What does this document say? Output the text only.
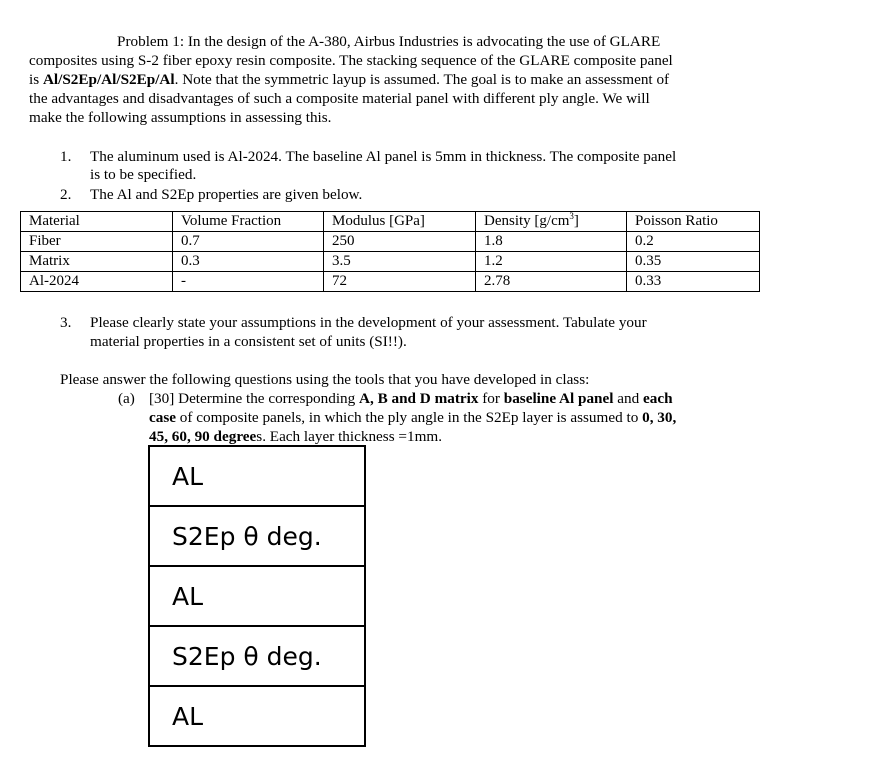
Problem 1: In the design of the A-380, Airbus Industries is advocating the use of GLARE
composites using S-2 fiber epoxy resin composite. The stacking sequence of the GLARE composite panel
is Al/S2Ep/Al/S2Ep/Al. Note that the symmetric layup is assumed. The goal is to make an assessment of
the advantages and disadvantages of such a composite material panel with different ply angle. We will
make the following assumptions in assessing this.
1. The aluminum used is Al-2024. The baseline Al panel is 5mm in thickness. The composite panel
is to be specified.
2. The Al and S2Ep properties are given below.
Material	Volume Fraction	Modulus [GPa]	Density $[g/cm^3]$	Poisson Ratio
Fiber	0.7	250	1.8	0.2
Matrix	0.3	3.5	1.2	0.35
Al-2024	-	72	2.78	0.33
3. Please clearly state your assumptions in the development of your assessment. Tabulate your
material properties in a consistent set of units (SI!!).
Please answer the following questions using the tools that you have developed in class:
(a) [30] Determine the corresponding A, B and D matrix for baseline Al panel and each
case of composite panels, in which the ply angle in the S2Ep layer is assumed to 0, 30,
45, 60, 90 degrees. Each layer thickness =1mm.
AL
S2Ep θ deg.
AL
S2Ep θ deg.
AL
